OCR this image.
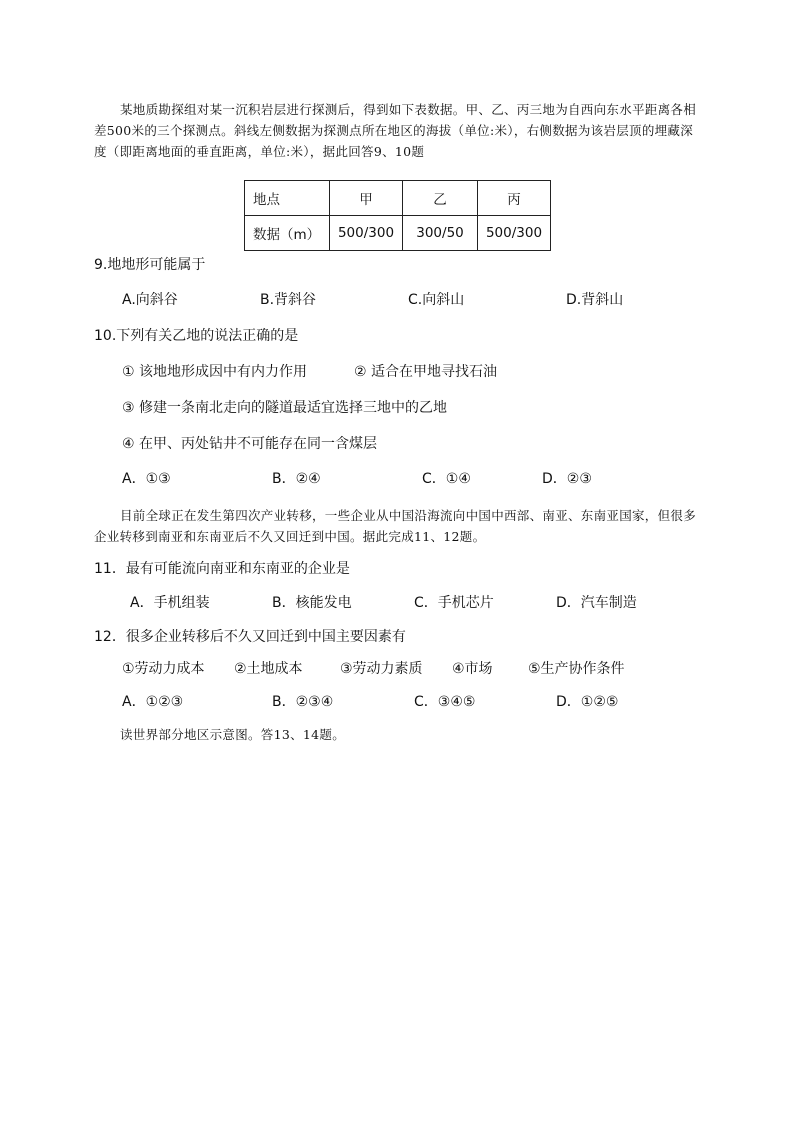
某地质勘探组对某一沉积岩层进行探测后，得到如下表数据。甲、乙、丙三地为自西向东水平距离各相差500米的三个探测点。斜线左侧数据为探测点所在地区的海拔（单位:米），右侧数据为该岩层顶的埋藏深度（即距离地面的垂直距离，单位:米），据此回答9、10题

地点	甲	乙	丙
数据（m）	500/300	300/50	500/300
9.地地形可能属于
A.向斜谷	B.背斜谷	C.向斜山	D.背斜山
10.下列有关乙地的说法正确的是
① 该地地形成因中有内力作用	② 适合在甲地寻找石油
③ 修建一条南北走向的隧道最适宜选择三地中的乙地
④ 在甲、丙处钻井不可能存在同一含煤层
A．①③	B．②④	C．①④	D．②③

目前全球正在发生第四次产业转移，一些企业从中国沿海流向中国中西部、南亚、东南亚国家，但很多企业转移到南亚和东南亚后不久又回迁到中国。据此完成11、12题。

11．最有可能流向南亚和东南亚的企业是
A．手机组装	B．核能发电	C．手机芯片	D．汽车制造
12．很多企业转移后不久又回迁到中国主要因素有
①劳动力成本 ②土地成本	③劳动力素质 ④市场	⑤生产协作条件
A．①②③	B．②③④	C．③④⑤	D．①②⑤

读世界部分地区示意图。答13、14题。
